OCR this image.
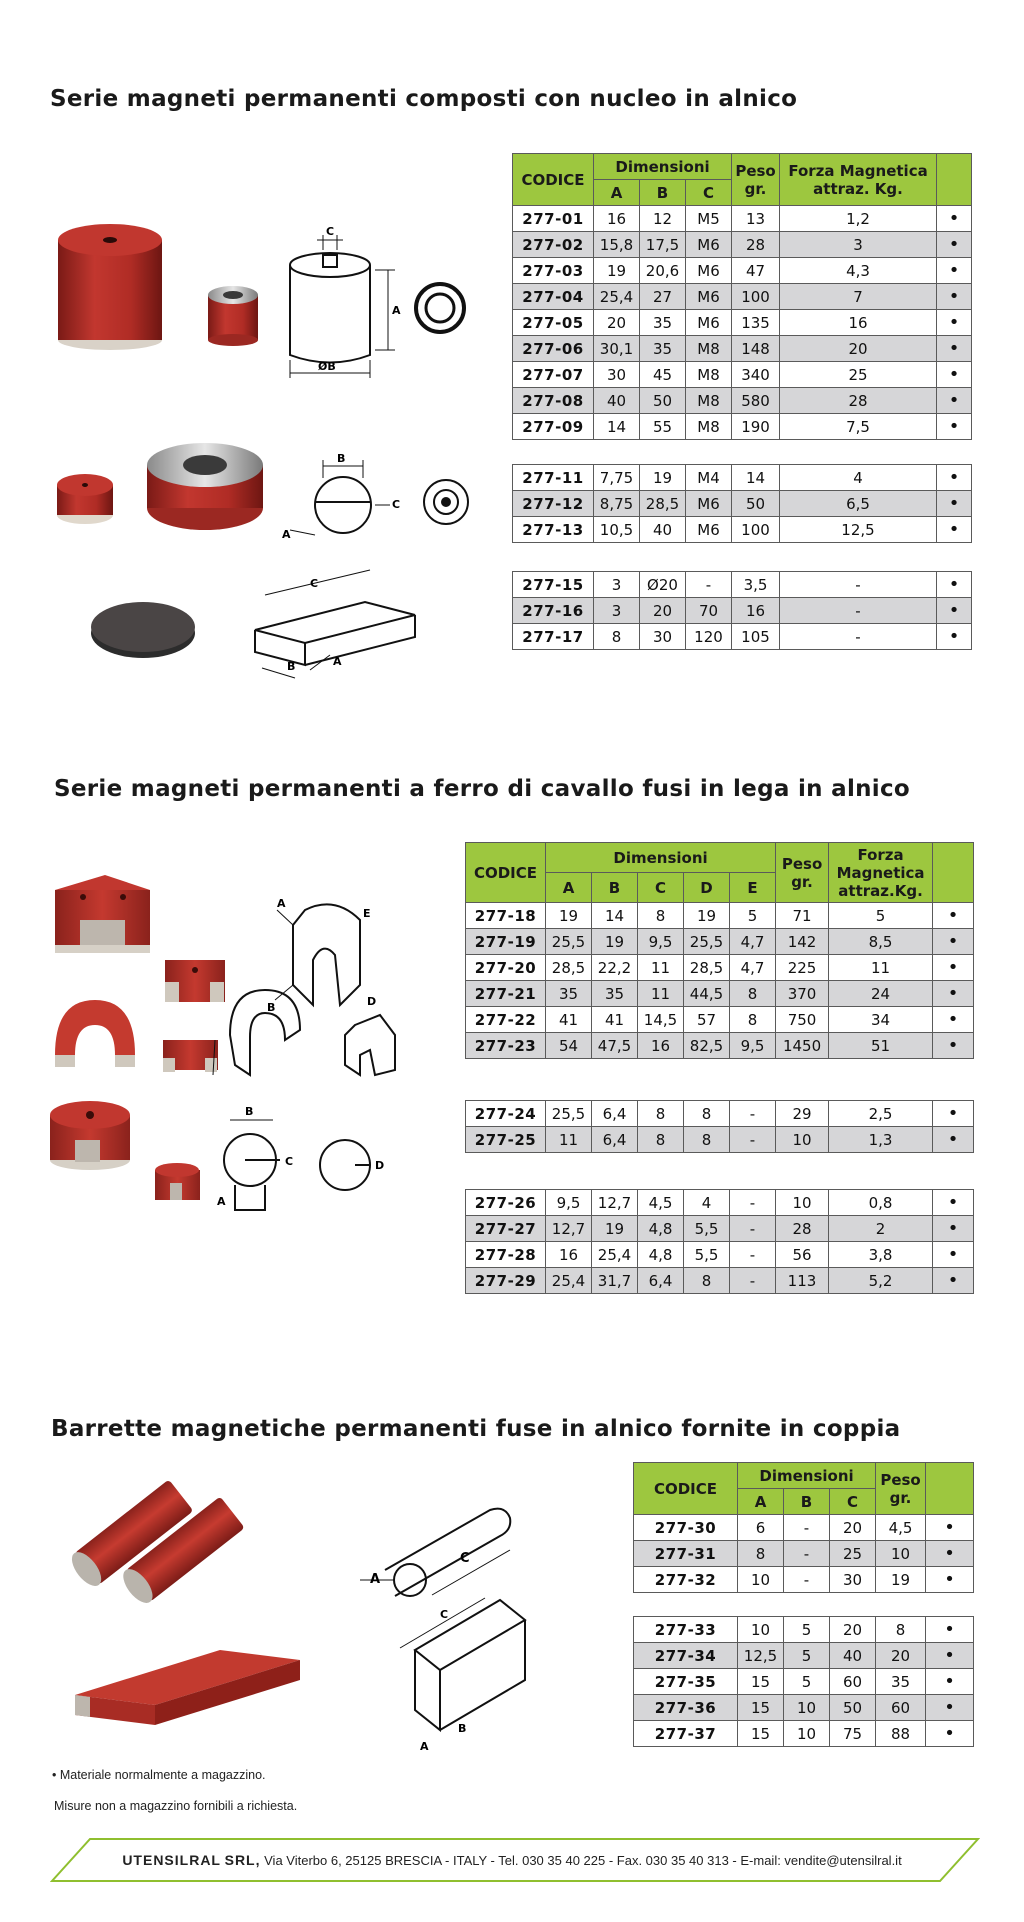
Serie magneti permanenti composti con nucleo in alnico
C
A
ØB
B
C
A
C
B	A
CODICE	Dimensioni			Peso
gr.	Forza Magnetica
attraz. Kg.	
	A	B	C			
277-01	16	12	M5	13	1,2	•
277-02	15,8	17,5	M6	28	3	•
277-03	19	20,6	M6	47	4,3	•
277-04	25,4	27	M6	100	7	•
277-05	20	35	M6	135	16	•
277-06	30,1	35	M8	148	20	•
277-07	30	45	M8	340	25	•
277-08	40	50	M8	580	28	•
277-09	14	55	M8	190	7,5	•
277-11	7,75	19	M4	14	4	•
277-12	8,75	28,5	M6	50	6,5	•
277-13	10,5	40	M6	100	12,5	•
277-15	3	Ø20	-	3,5	-	•
277-16	3	20	70	16	-	•
277-17	8	30	120	105	-	•
Serie magneti permanenti a ferro di cavallo fusi in lega in alnico
A
E
B	D
B
C	D
A
CODICE	Dimensioni					Peso
gr.	Forza
Magnetica
attraz.Kg.	
	A	B	C	D	E			
277-18	19	14	8	19	5	71	5	•
277-19	25,5	19	9,5	25,5	4,7	142	8,5	•
277-20	28,5	22,2	11	28,5	4,7	225	11	•
277-21	35	35	11	44,5	8	370	24	•
277-22	41	41	14,5	57	8	750	34	•
277-23	54	47,5	16	82,5	9,5	1450	51	•
277-24	25,5	6,4	8	8	-	29	2,5	•
277-25	11	6,4	8	8	-	10	1,3	•
277-26	9,5	12,7	4,5	4	-	10	0,8	•
277-27	12,7	19	4,8	5,5	-	28	2	•
277-28	16	25,4	4,8	5,5	-	56	3,8	•
277-29	25,4	31,7	6,4	8	-	113	5,2	•
Barrette magnetiche permanenti fuse in alnico fornite in coppia
A
C
C
A
B
CODICE	Dimensioni			Peso
gr.	
	A	B	C		
277-30	6	-	20	4,5	•
277-31	8	-	25	10	•
277-32	10	-	30	19	•
277-33	10	5	20	8	•
277-34	12,5	5	40	20	•
277-35	15	5	60	35	•
277-36	15	10	50	60	•
277-37	15	10	75	88	•
• Materiale normalmente a magazzino.
Misure non a magazzino fornibili a richiesta.
UTENSILRAL SRL, Via Viterbo 6, 25125 BRESCIA - ITALY - Tel. 030 35 40 225 - Fax. 030 35 40 313 - E-mail: vendite@utensilral.it
